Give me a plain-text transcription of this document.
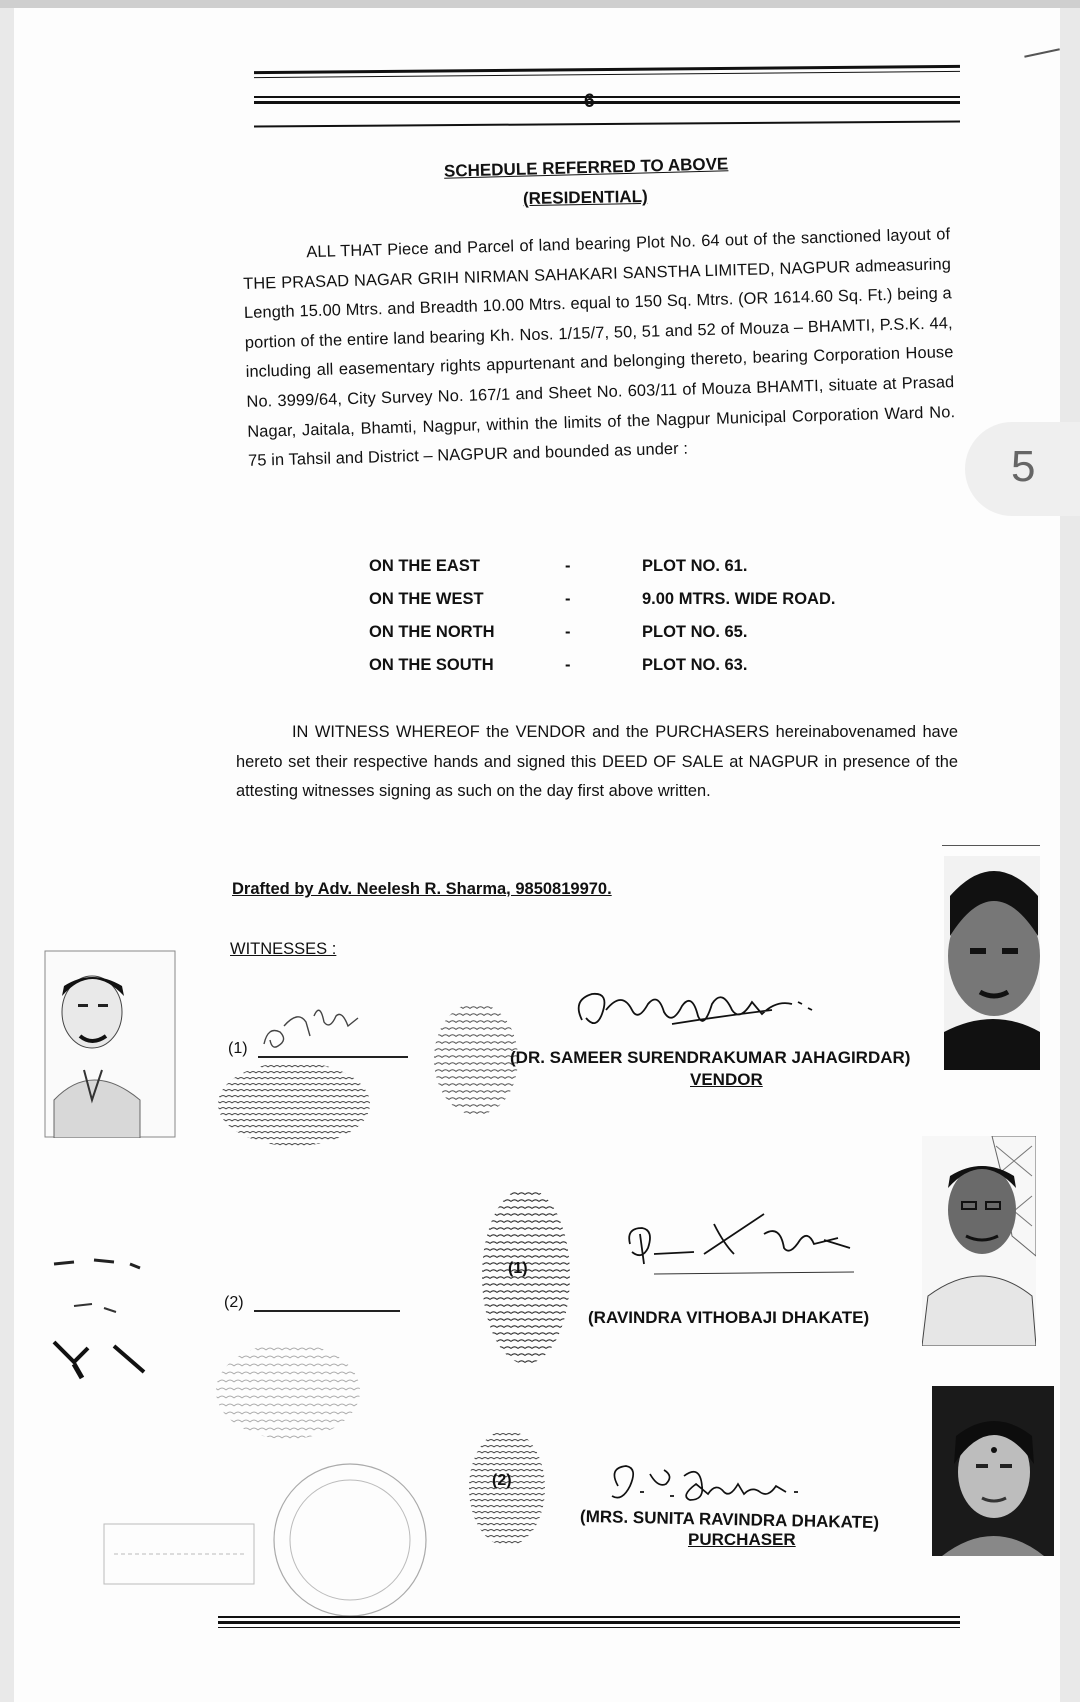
6
SCHEDULE REFERRED TO ABOVE
(RESIDENTIAL)
ALL THAT Piece and Parcel of land bearing Plot No. 64 out of the sanctioned layout of THE PRASAD NAGAR GRIH NIRMAN SAHAKARI SANSTHA LIMITED, NAGPUR admeasuring Length 15.00 Mtrs. and Breadth 10.00 Mtrs. equal to 150 Sq. Mtrs. (OR 1614.60 Sq. Ft.) being a portion of the entire land bearing Kh. Nos. 1/15/7, 50, 51 and 52 of Mouza – BHAMTI, P.S.K. 44, including all easementary rights appurtenant and belonging thereto, bearing Corporation House No. 3999/64, City Survey No. 167/1 and Sheet No. 603/11 of Mouza BHAMTI, situate at Prasad Nagar, Jaitala, Bhamti, Nagpur, within the limits of the Nagpur Municipal Corporation Ward No. 75 in Tahsil and District – NAGPUR and bounded as under :
ON THE EAST	-	PLOT NO. 61.
ON THE WEST	-	9.00 MTRS. WIDE ROAD.
ON THE NORTH	-	PLOT NO. 65.
ON THE SOUTH	-	PLOT NO. 63.
IN WITNESS WHEREOF the VENDOR and the PURCHASERS hereinabovenamed have hereto set their respective hands and signed this DEED OF SALE at NAGPUR in presence of the attesting witnesses signing as such on the day first above written.
Drafted by Adv. Neelesh R. Sharma, 9850819970.
WITNESSES :
(1)	(DR. SAMEER SURENDRAKUMAR JAHAGIRDAR)
VENDOR
(2)
(1)
(RAVINDRA VITHOBAJI DHAKATE)
(2)
(MRS. SUNITA RAVINDRA DHAKATE)
PURCHASER
5
